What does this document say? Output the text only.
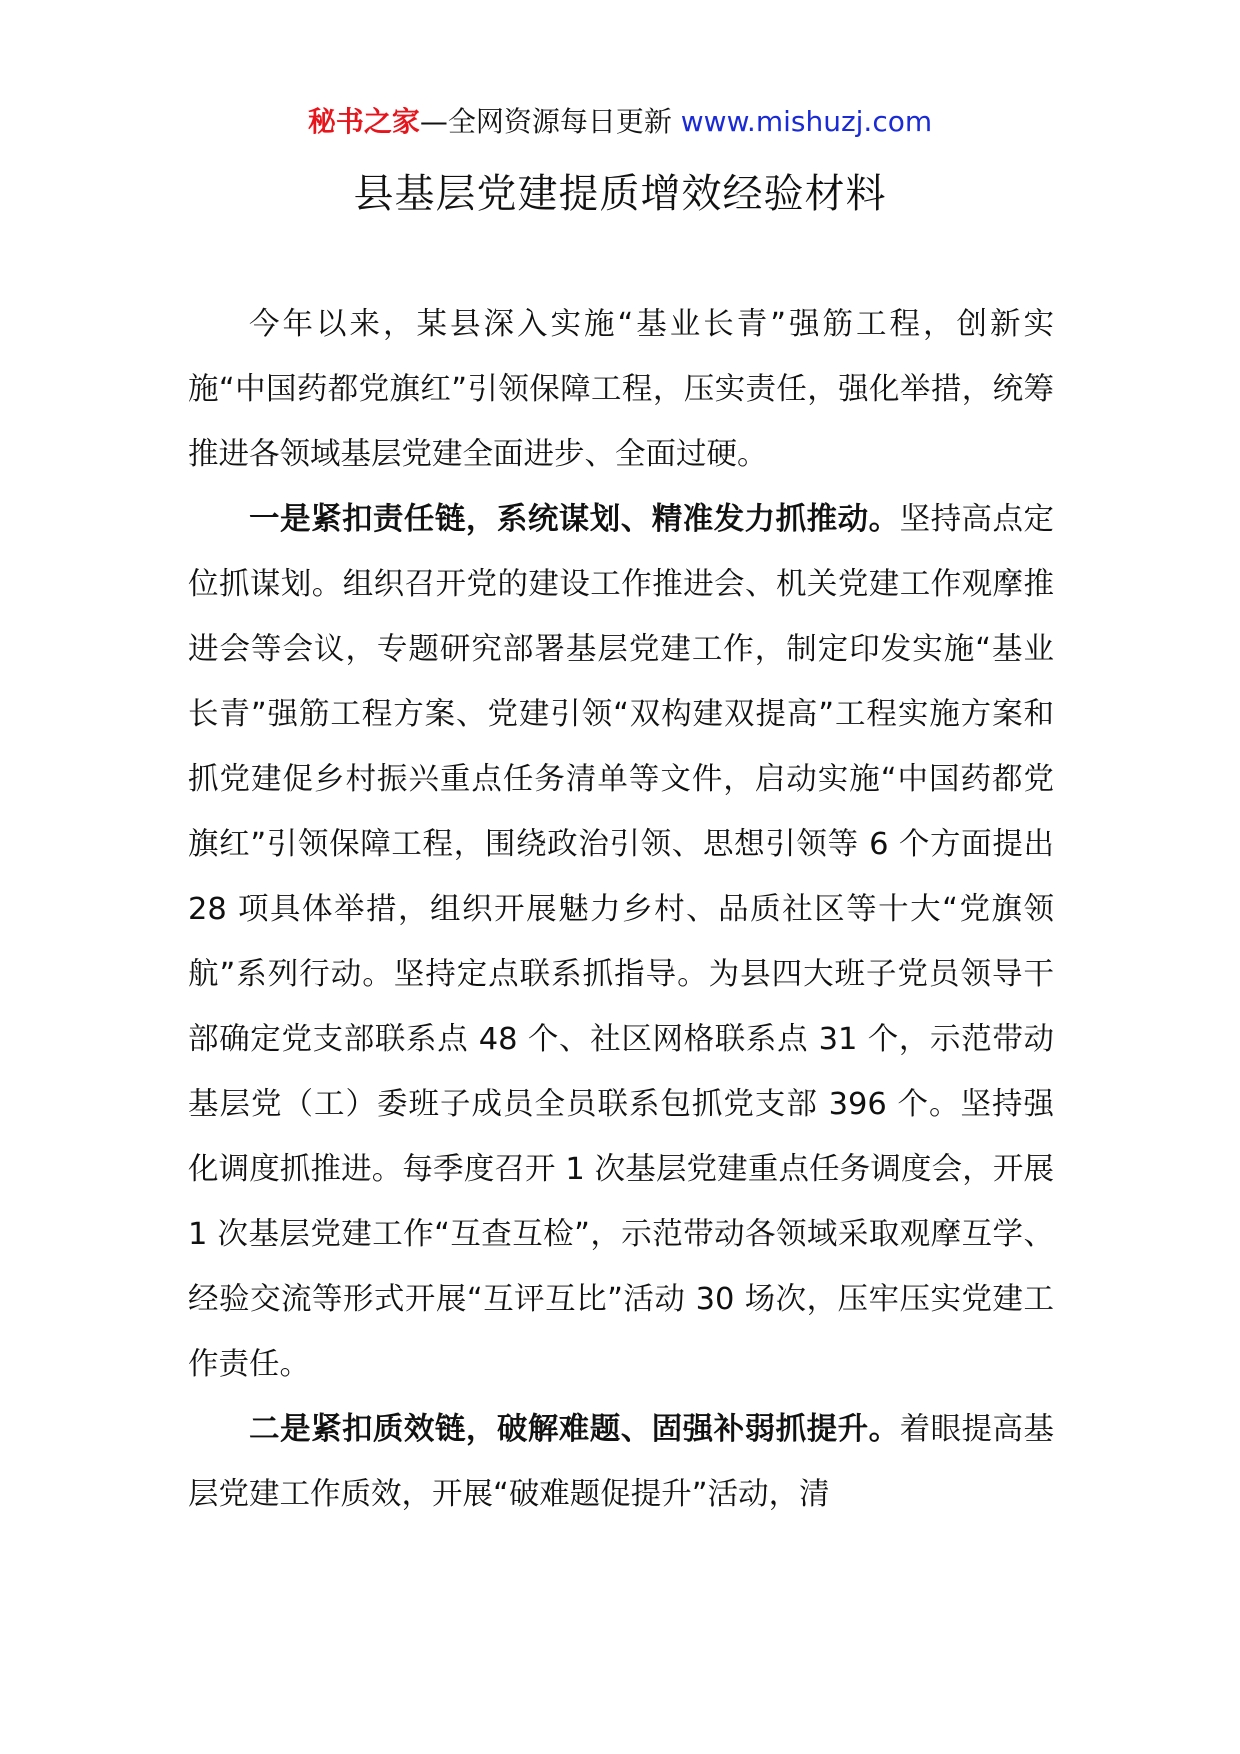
秘书之家—全网资源每日更新 www.mishuzj.com
县基层党建提质增效经验材料

今年以来，某县深入实施“基业长青”强筋工程，创新实施“中国药都党旗红”引领保障工程，压实责任，强化举措，统筹推进各领域基层党建全面进步、全面过硬。

一是紧扣责任链，系统谋划、精准发力抓推动。坚持高点定位抓谋划。组织召开党的建设工作推进会、机关党建工作观摩推进会等会议，专题研究部署基层党建工作，制定印发实施“基业长青”强筋工程方案、党建引领“双构建双提高”工程实施方案和抓党建促乡村振兴重点任务清单等文件，启动实施“中国药都党旗红”引领保障工程，围绕政治引领、思想引领等 6 个方面提出 28 项具体举措，组织开展魅力乡村、品质社区等十大“党旗领航”系列行动。坚持定点联系抓指导。为县四大班子党员领导干部确定党支部联系点 48 个、社区网格联系点 31 个，示范带动基层党（工）委班子成员全员联系包抓党支部 396 个。坚持强化调度抓推进。每季度召开 1 次基层党建重点任务调度会，开展 1 次基层党建工作“互查互检”，示范带动各领域采取观摩互学、经验交流等形式开展“互评互比”活动 30 场次，压牢压实党建工作责任。

二是紧扣质效链，破解难题、固强补弱抓提升。着眼提高基层党建工作质效，开展“破难题促提升”活动，清
